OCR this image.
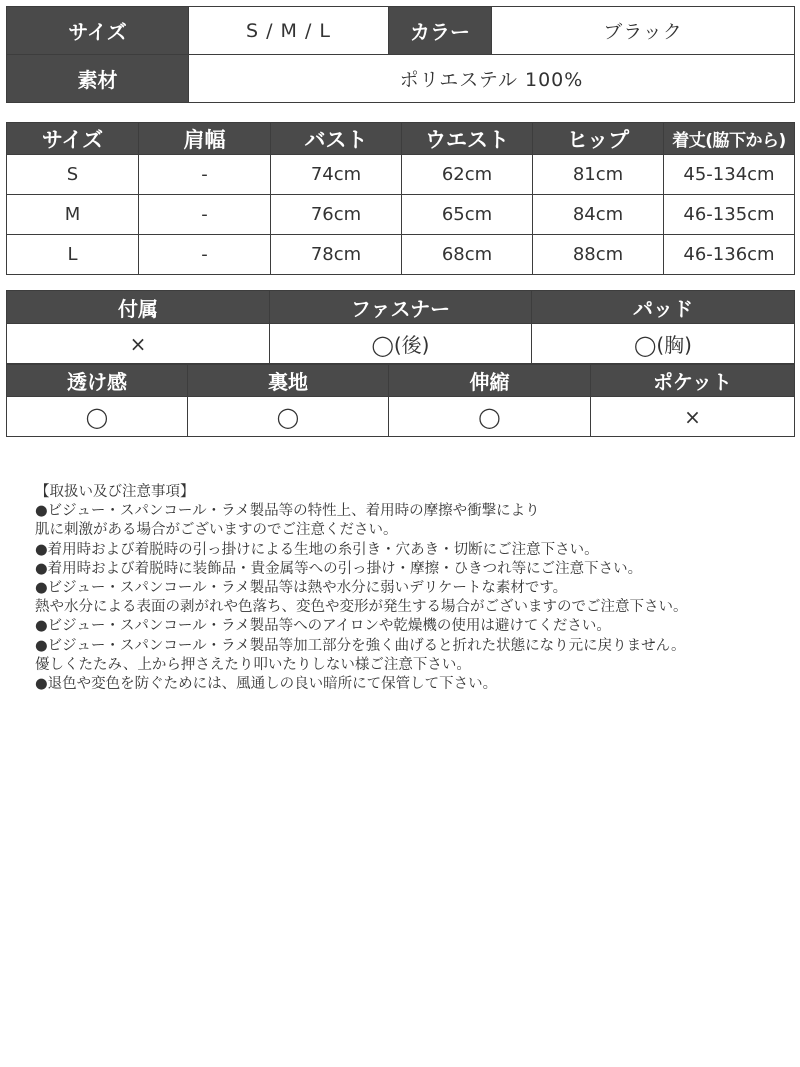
サイズ	S / M / L	カラー	ブラック
素材	ポリエステル 100%		
サイズ	肩幅	バスト	ウエスト	ヒップ	着丈(脇下から)
S	-	74cm	62cm	81cm	45-134cm
M	-	76cm	65cm	84cm	46-135cm
L	-	78cm	68cm	88cm	46-136cm
付属	ファスナー	パッド
×	◯(後)	◯(胸)
透け感	裏地	伸縮	ポケット
◯	◯	◯	×
【取扱い及び注意事項】
●ビジュー・スパンコール・ラメ製品等の特性上、着用時の摩擦や衝撃により
肌に刺激がある場合がございますのでご注意ください。
●着用時および着脱時の引っ掛けによる生地の糸引き・穴あき・切断にご注意下さい。
●着用時および着脱時に装飾品・貴金属等への引っ掛け・摩擦・ひきつれ等にご注意下さい。
●ビジュー・スパンコール・ラメ製品等は熱や水分に弱いデリケートな素材です。
熱や水分による表面の剥がれや色落ち、変色や変形が発生する場合がございますのでご注意下さい。
●ビジュー・スパンコール・ラメ製品等へのアイロンや乾燥機の使用は避けてください。
●ビジュー・スパンコール・ラメ製品等加工部分を強く曲げると折れた状態になり元に戻りません。
優しくたたみ、上から押さえたり叩いたりしない様ご注意下さい。
●退色や変色を防ぐためには、風通しの良い暗所にて保管して下さい。
